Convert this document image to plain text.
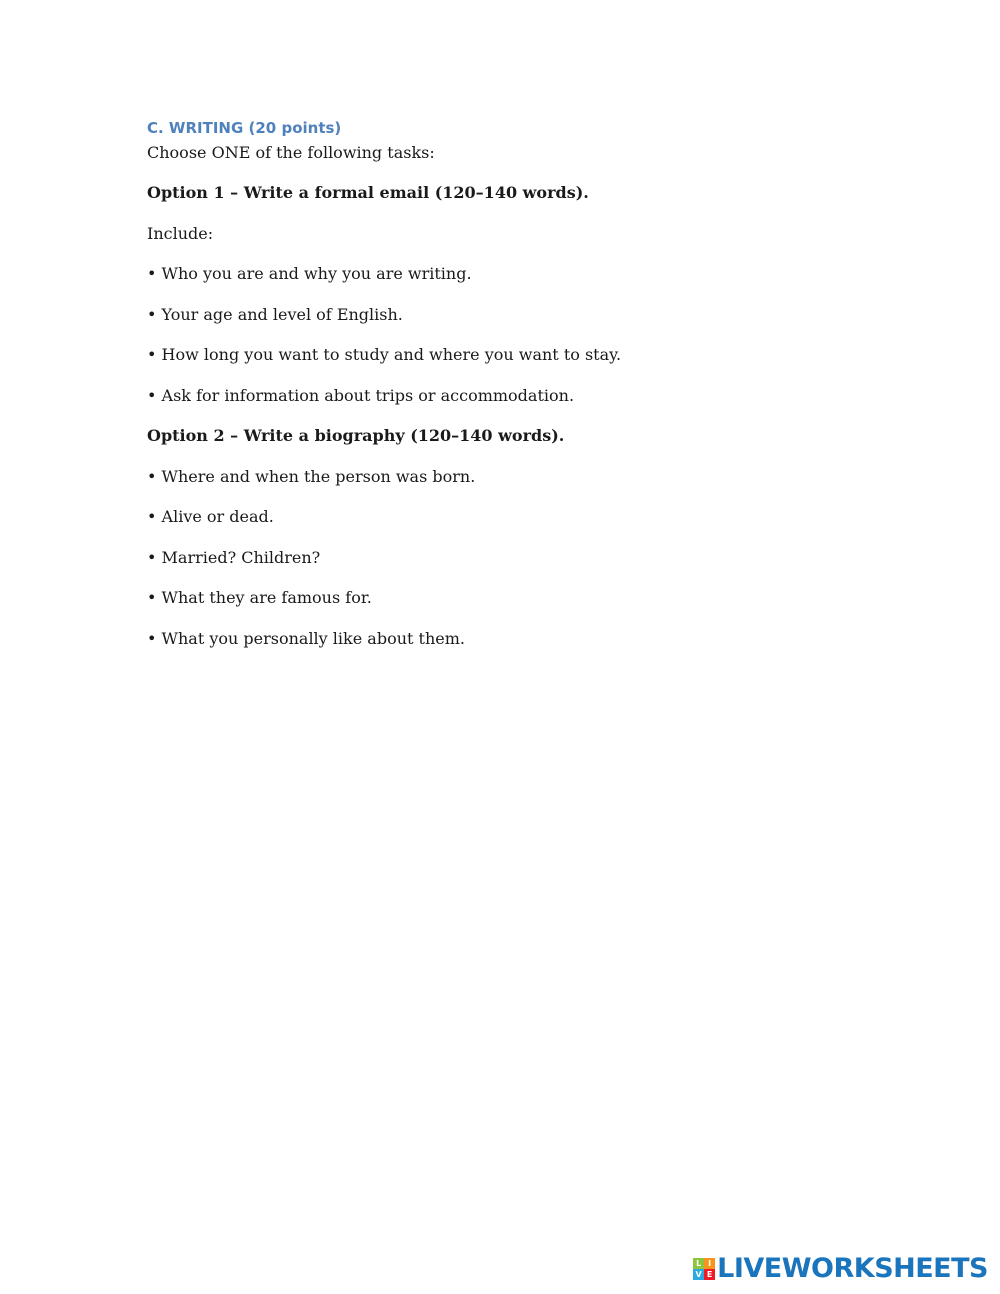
C. WRITING (20 points)

Choose ONE of the following tasks:

Option 1 – Write a formal email (120–140 words).

Include:

• Who you are and why you are writing.

• Your age and level of English.

• How long you want to study and where you want to stay.

• Ask for information about trips or accommodation.

Option 2 – Write a biography (120–140 words).

• Where and when the person was born.

• Alive or dead.

• Married? Children?

• What they are famous for.

• What you personally like about them.

L I
V E LIVEWORKSHEETS
